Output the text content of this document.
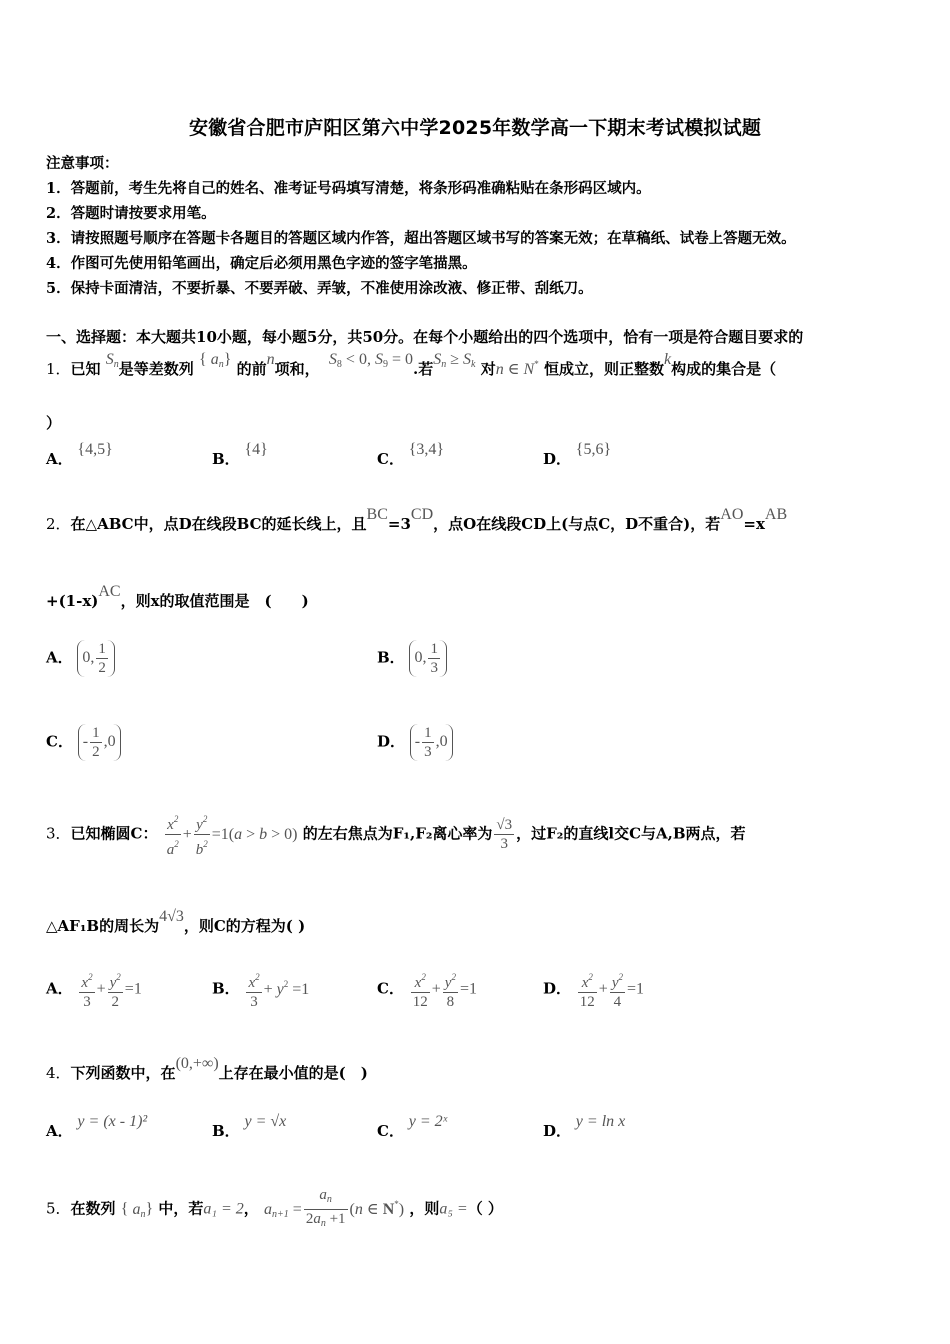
安徽省合肥市庐阳区第六中学2025年数学高一下期末考试模拟试题
注意事项：
1．答题前，考生先将自己的姓名、准考证号码填写清楚，将条形码准确粘贴在条形码区域内。
2．答题时请按要求用笔。
3．请按照题号顺序在答题卡各题目的答题区域内作答，超出答题区域书写的答案无效；在草稿纸、试卷上答题无效。
4．作图可先使用铅笔画出，确定后必须用黑色字迹的签字笔描黑。
5．保持卡面清洁，不要折暴、不要弄破、弄皱，不准使用涂改液、修正带、刮纸刀。
一、选择题：本大题共10小题，每小题5分，共50分。在每个小题给出的四个选项中，恰有一项是符合题目要求的
1．已知 $S_n$是等差数列 { $a_n$} 的前n项和，  $S_8 < 0$, $S_9 = 0$.若$S_n \ge S_k$ 对n ∈ N* 恒成立，则正整数k构成的集合是（
）
A． {4,5}
B． {4}
C． {3,4}
D． {5,6}
2．在△ABC中，点D在线段BC的延长线上，且BC=3CD，点O在线段CD上(与点C，D不重合)，若AO=xAB
+(1-x)AC，则x的取值范围是　(　　)
A． 0, $\frac{1}{2}$	B． 0, $\frac{1}{3}$
C． - $\frac{1}{2} ,0$	D． - $\frac{1}{3} ,0$
3．已知椭圆C： $\frac{x^2}{a^2} + \frac{y^2}{b^2} =1(a > b > 0)$ 的左右焦点为F₁,F₂离心率为 $\frac{√3}{3}$ ，过F₂的直线l交C与A,B两点，若
△AF₁B的周长为4√3，则C的方程为( )
A． $\frac{x^2}{3} + \frac{y^2}{2} =1$	B． $\frac{x^2}{3} + y^2 =1$	C． $\frac{x^2}{12} + \frac{y^2}{8} =1$	D． $\frac{x^2}{12} + \frac{y^2}{4} =1$
4．下列函数中，在(0,+∞)上存在最小值的是(　)
A． y = (x - 1)²
B． y = √x
C． y = 2ˣ
D． y = ln x
5．在数列 { $a_n$} 中，若a₁ = 2， $a_{n+1} = \frac{a_n}{2a_n +1} (n$ ∈ N*) ，则a₅ =（ ）
